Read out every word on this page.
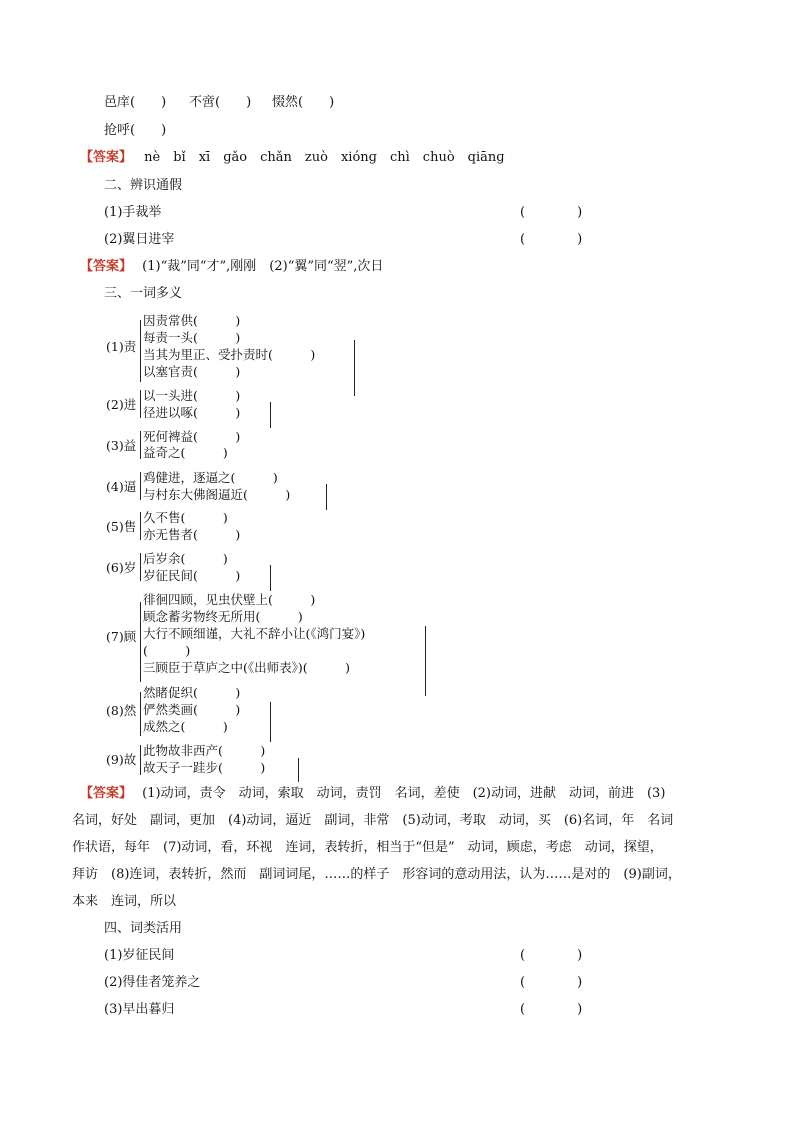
邑庠(　　) 不啻(　　) 惙然(　　)
抢呼(　　)
【答案】 nè bǐ xī ɡǎo chǎn zuò xiónɡ chì chuò qiānɡ
二、辨识通假
(1)手裁举	(　　　　)
(2)翼日进宰	(　　　　)
【答案】 (1)“裁”同“才”,刚刚　(2)“翼”同“翌”,次日
三、一词多义
(1)责
因责常供(　　　)
每责一头(　　　)
当其为里正、受扑责时(　　　)
以塞官责(　　　)
(2)进
以一头进(　　　)
径进以啄(　　　)
(3)益
死何裨益(　　　)
益奇之(　　　)
(4)逼
鸡健进，逐逼之(　　　)
与村东大佛阁逼近(　　　)
(5)售
久不售(　　　)
亦无售者(　　　)
(6)岁
后岁余(　　　)
岁征民间(　　　)
(7)顾
徘徊四顾，见虫伏壁上(　　　)
顾念蓄劣物终无所用(　　　)
大行不顾细谨，大礼不辞小让(《鸿门宴》)
(　　　)
三顾臣于草庐之中(《出师表》)(　　　)
(8)然
然睹促织(　　　)
俨然类画(　　　)
成然之(　　　)
(9)故
此物故非西产(　　　)
故天子一跬步(　　　)
【答案】 (1)动词，责令　动词，索取　动词，责罚　名词，差使　(2)动词，进献　动词，前进　(3)
名词，好处　副词，更加　(4)动词，逼近　副词，非常　(5)动词，考取　动词，买　(6)名词，年　名词
作状语，每年　(7)动词，看，环视　连词，表转折，相当于“但是”　动词，顾虑，考虑　动词，探望，
拜访　(8)连词，表转折，然而　副词词尾，……的样子　形容词的意动用法，认为……是对的　(9)副词，
本来　连词，所以
四、词类活用
(1)岁征民间	(　　　　)
(2)得佳者笼养之	(　　　　)
(3)早出暮归	(　　　　)
